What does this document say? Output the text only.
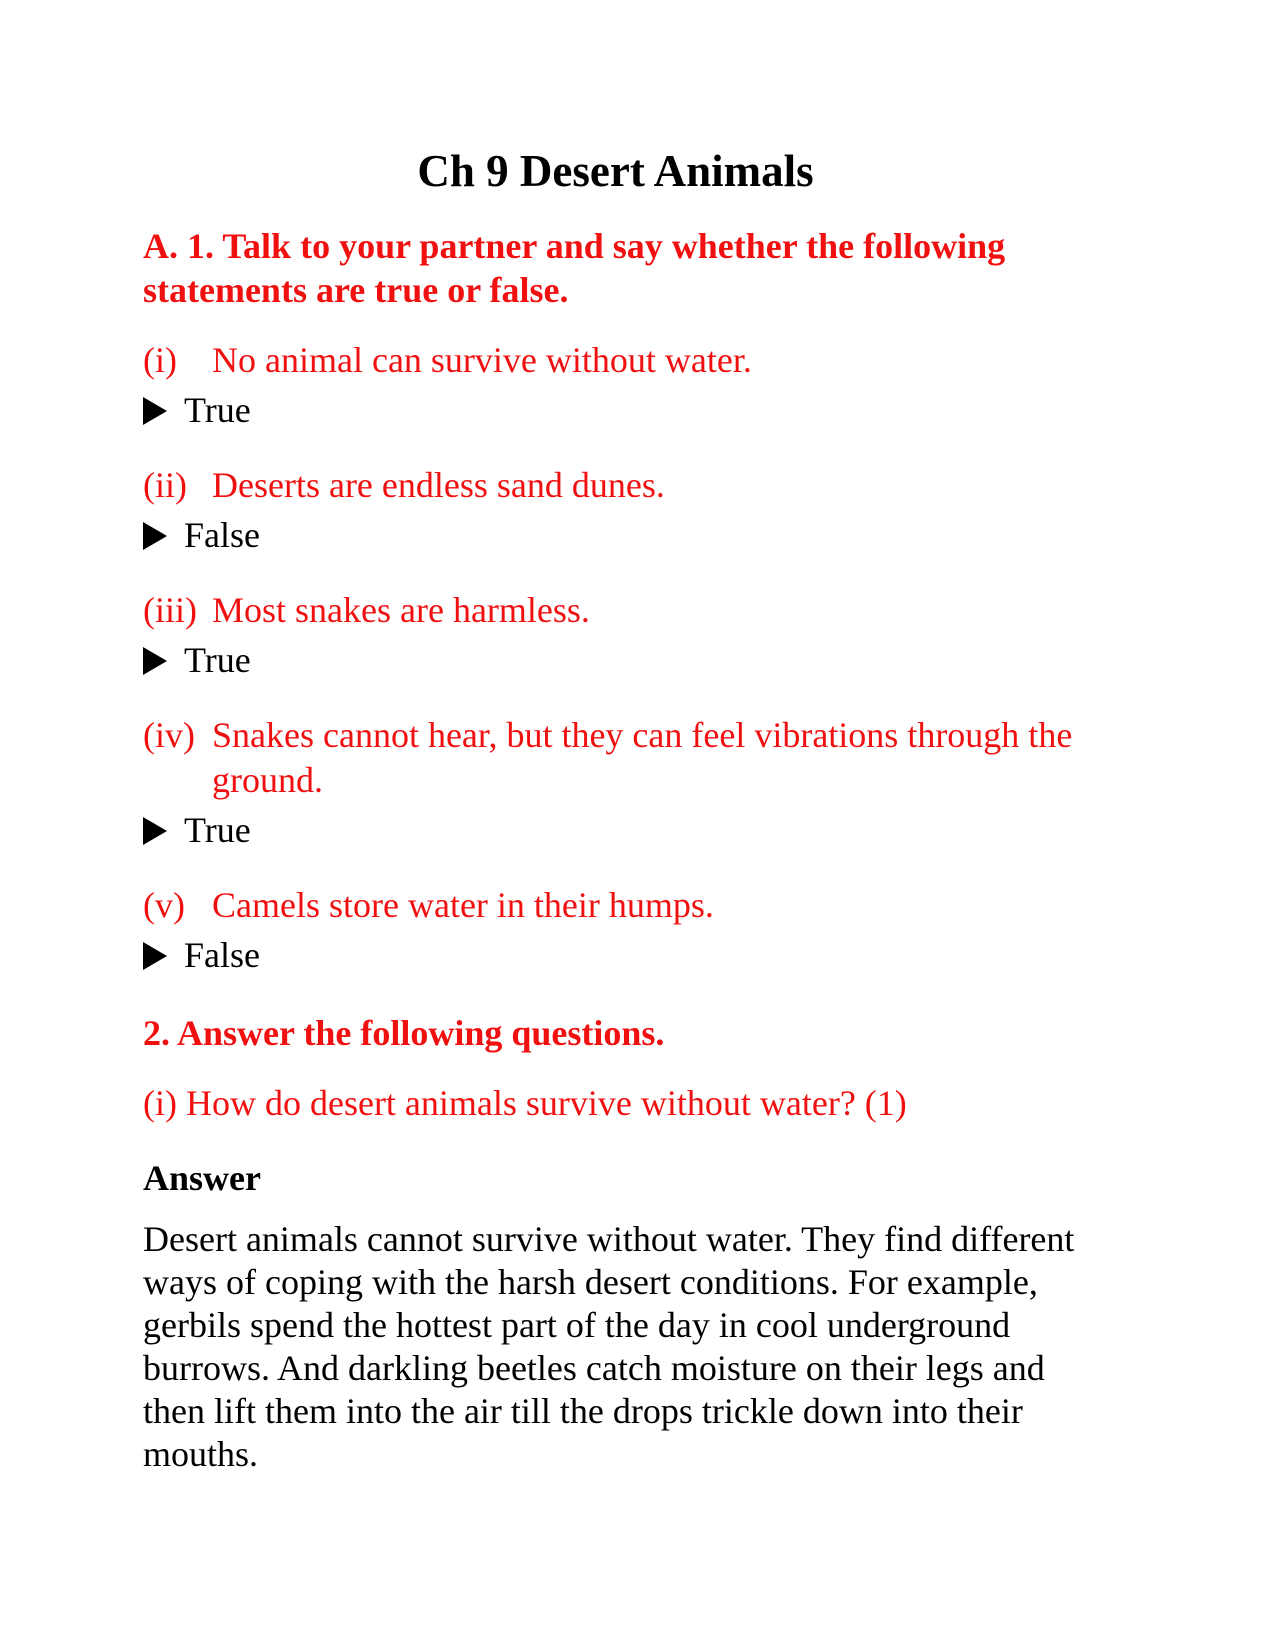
Ch 9 Desert Animals
A. 1. Talk to your partner and say whether the following statements are true or false.
(i) No animal can survive without water.
True
(ii) Deserts are endless sand dunes.
False
(iii) Most snakes are harmless.
True
(iv) Snakes cannot hear, but they can feel vibrations through the ground.
True
(v) Camels store water in their humps.
False
2. Answer the following questions.
(i) How do desert animals survive without water? (1)
Answer
Desert animals cannot survive without water. They find different ways of coping with the harsh desert conditions. For example, gerbils spend the hottest part of the day in cool underground burrows. And darkling beetles catch moisture on their legs and then lift them into the air till the drops trickle down into their mouths.
